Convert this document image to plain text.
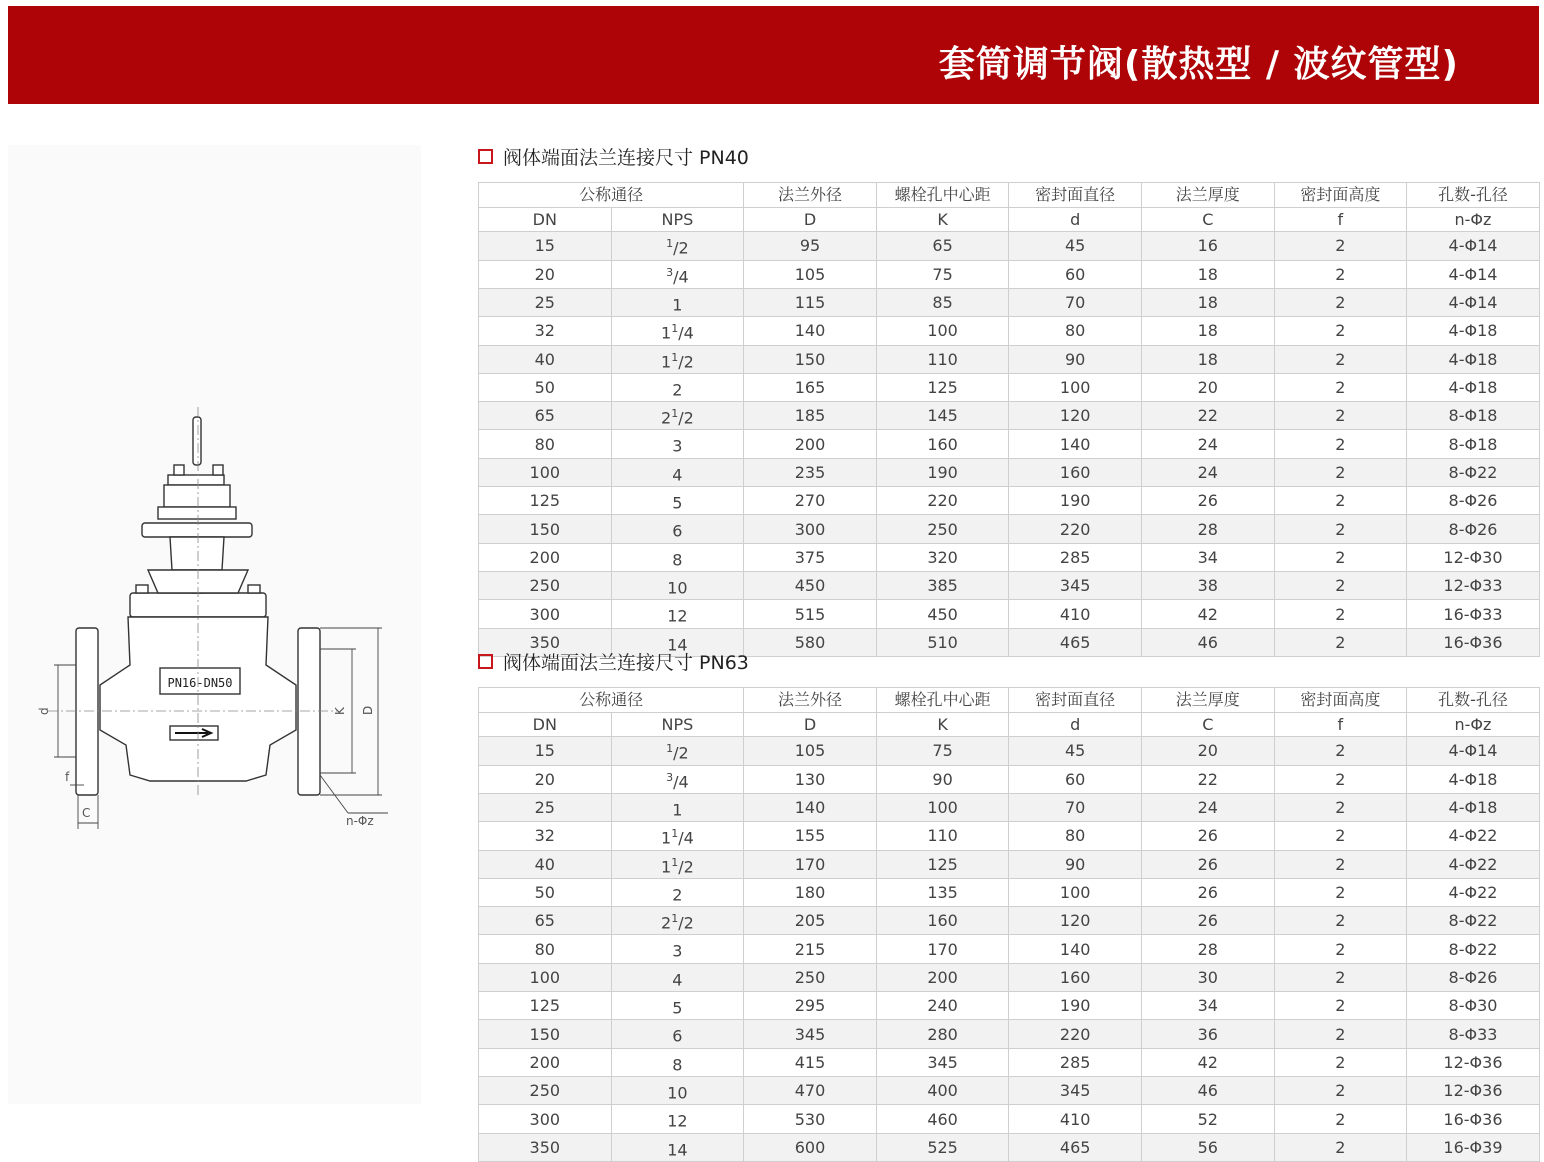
套筒调节阀(散热型 / 波纹管型)
PN16-DN50
d	K D
f
C
n-Φz
阀体端面法兰连接尺寸 PN40
公称通径		法兰外径	螺栓孔中心距	密封面直径	法兰厚度	密封面高度	孔数-孔径
DN	NPS	D	K	d	C	f	n-Φz
15	$^1$/2	95	65	45	16	2	4-Φ14
20	$^3$/4	105	75	60	18	2	4-Φ14
25	1	115	85	70	18	2	4-Φ14
32	$1^1/4$	140	100	80	18	2	4-Φ18
40	$1^1/2$	150	110	90	18	2	4-Φ18
50	2	165	125	100	20	2	4-Φ18
65	$2^1/2$	185	145	120	22	2	8-Φ18
80	3	200	160	140	24	2	8-Φ18
100	4	235	190	160	24	2	8-Φ22
125	5	270	220	190	26	2	8-Φ26
150	6	300	250	220	28	2	8-Φ26
200	8	375	320	285	34	2	12-Φ30
250	10	450	385	345	38	2	12-Φ33
300	12	515	450	410	42	2	16-Φ33
350	14	580	510	465	46	2	16-Φ36
阀体端面法兰连接尺寸 PN63
公称通径		法兰外径	螺栓孔中心距	密封面直径	法兰厚度	密封面高度	孔数-孔径
DN	NPS	D	K	d	C	f	n-Φz
15	$^1$/2	105	75	45	20	2	4-Φ14
20	$^3$/4	130	90	60	22	2	4-Φ18
25	1	140	100	70	24	2	4-Φ18
32	$1^1/4$	155	110	80	26	2	4-Φ22
40	$1^1/2$	170	125	90	26	2	4-Φ22
50	2	180	135	100	26	2	4-Φ22
65	$2^1/2$	205	160	120	26	2	8-Φ22
80	3	215	170	140	28	2	8-Φ22
100	4	250	200	160	30	2	8-Φ26
125	5	295	240	190	34	2	8-Φ30
150	6	345	280	220	36	2	8-Φ33
200	8	415	345	285	42	2	12-Φ36
250	10	470	400	345	46	2	12-Φ36
300	12	530	460	410	52	2	16-Φ36
350	14	600	525	465	56	2	16-Φ39
